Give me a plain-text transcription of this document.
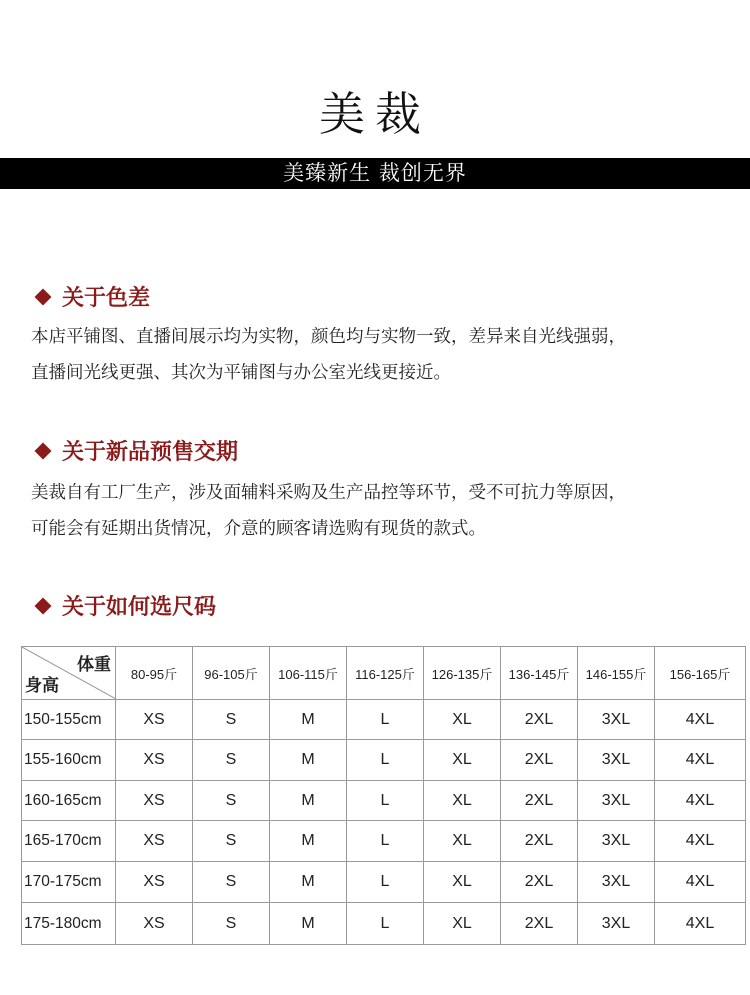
美裁
美臻新生 裁创无界
关于色差
本店平铺图、直播间展示均为实物，颜色均与实物一致，差异来自光线强弱，
直播间光线更强、其次为平铺图与办公室光线更接近。
关于新品预售交期
美裁自有工厂生产，涉及面辅料采购及生产品控等环节，受不可抗力等原因，
可能会有延期出货情况，介意的顾客请选购有现货的款式。
关于如何选尺码
体重
身高	80-95斤	96-105斤	106-115斤	116-125斤	126-135斤	136-145斤	146-155斤	156-165斤
150-155cm	XS	S	M	L	XL	2XL	3XL	4XL
155-160cm	XS	S	M	L	XL	2XL	3XL	4XL
160-165cm	XS	S	M	L	XL	2XL	3XL	4XL
165-170cm	XS	S	M	L	XL	2XL	3XL	4XL
170-175cm	XS	S	M	L	XL	2XL	3XL	4XL
175-180cm	XS	S	M	L	XL	2XL	3XL	4XL
